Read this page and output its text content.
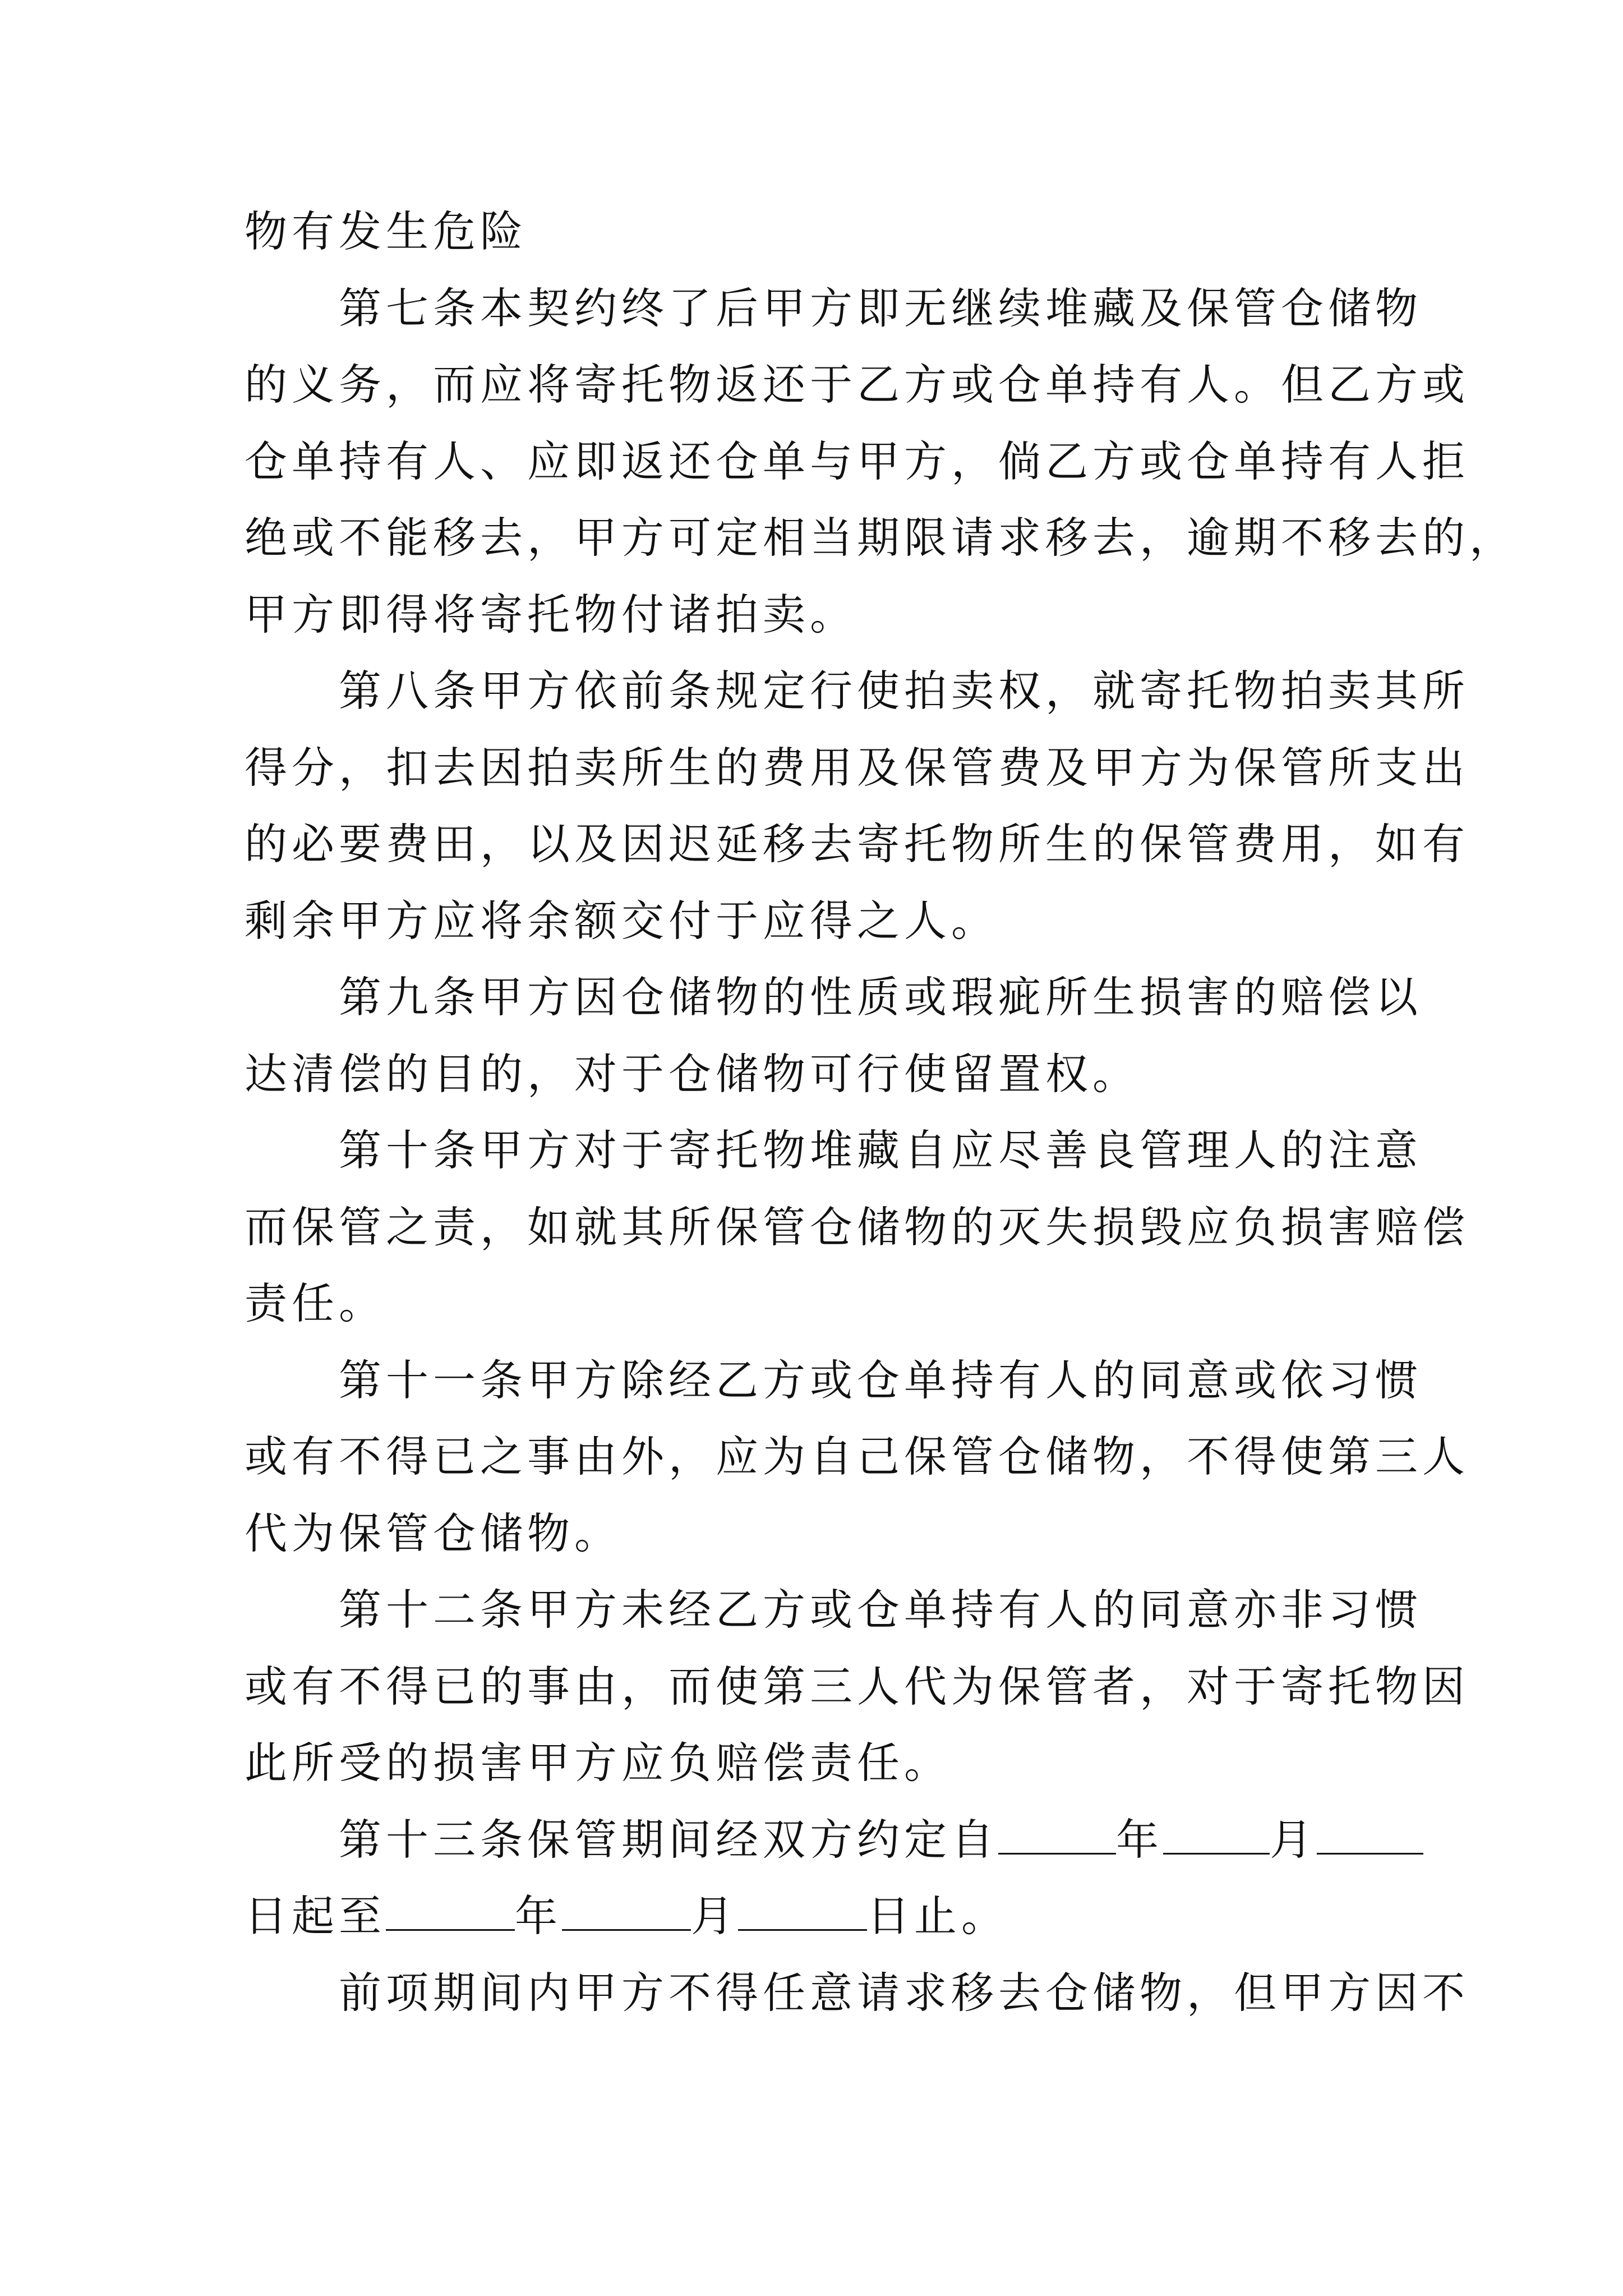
物有发生危险
第七条本契约终了后甲方即无继续堆藏及保管仓储物
的义务，而应将寄托物返还于乙方或仓单持有人。但乙方或
仓单持有人、应即返还仓单与甲方，倘乙方或仓单持有人拒
绝或不能移去，甲方可定相当期限请求移去，逾期不移去的，
甲方即得将寄托物付诸拍卖。
第八条甲方依前条规定行使拍卖权，就寄托物拍卖其所
得分，扣去因拍卖所生的费用及保管费及甲方为保管所支出
的必要费田，以及因迟延移去寄托物所生的保管费用，如有
剩余甲方应将余额交付于应得之人。
第九条甲方因仓储物的性质或瑕疵所生损害的赔偿以
达清偿的目的，对于仓储物可行使留置权。
第十条甲方对于寄托物堆藏自应尽善良管理人的注意
而保管之责，如就其所保管仓储物的灭失损毁应负损害赔偿
责任。
第十一条甲方除经乙方或仓单持有人的同意或依习惯
或有不得已之事由外，应为自己保管仓储物，不得使第三人
代为保管仓储物。
第十二条甲方未经乙方或仓单持有人的同意亦非习惯
或有不得已的事由，而使第三人代为保管者，对于寄托物因
此所受的损害甲方应负赔偿责任。
第十三条保管期间经双方约定自	年	月
日起至	年	月	日止。
前项期间内甲方不得任意请求移去仓储物，但甲方因不
